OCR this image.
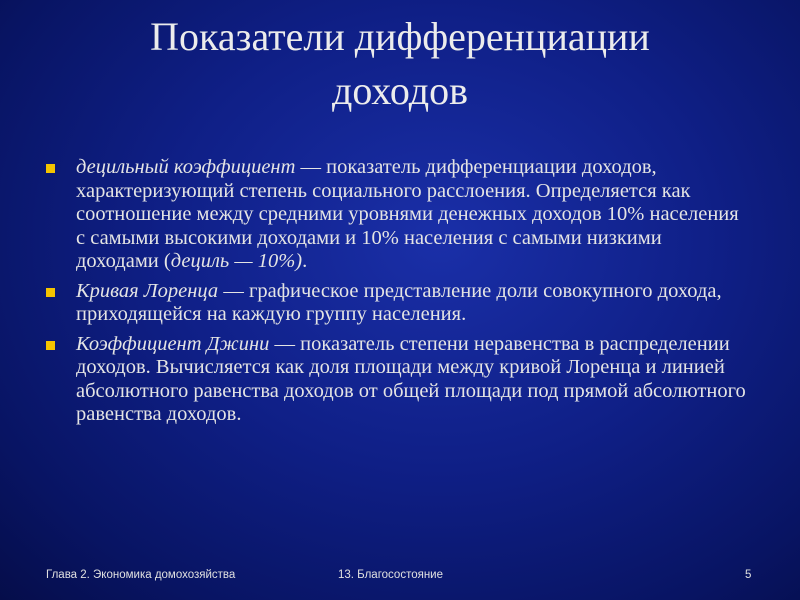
Показатели дифференциации
доходов
децильный коэффициент — показатель дифференциации доходов, характеризующий степень социального расслоения. Определяется как соотношение между средними уровнями денежных доходов 10% населения с самыми высокими доходами и 10% населения с самыми низкими доходами (дециль — 10%).
Кривая Лоренца — графическое представление доли совокупного дохода, приходящейся на каждую группу населения.
Коэффициент Джини — показатель степени неравенства в распределении доходов. Вычисляется как доля площади между кривой Лоренца и линией абсолютного равенства доходов от общей площади под прямой абсолютного равенства доходов.
Глава 2. Экономика домохозяйства	13. Благосостояние	5
